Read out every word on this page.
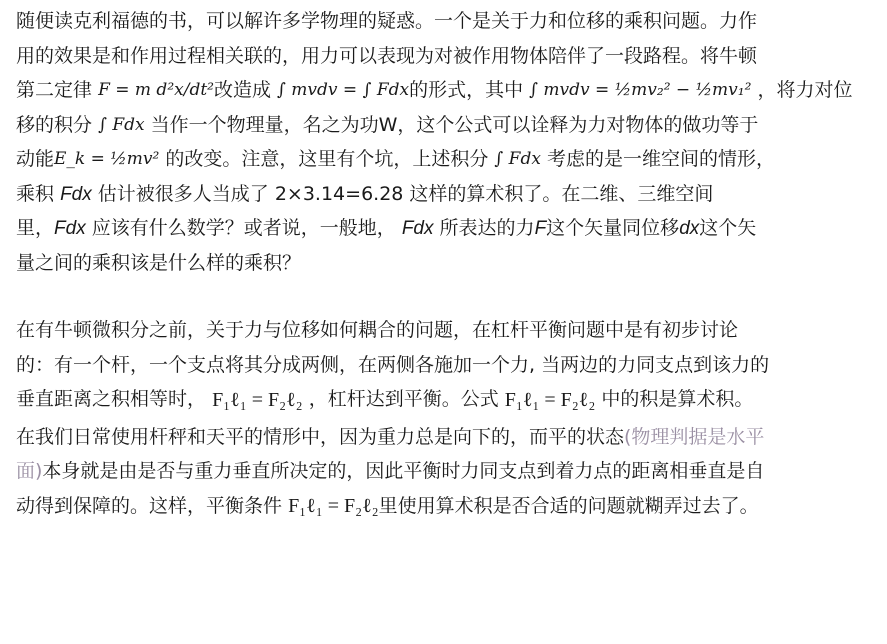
随便读克利福德的书，可以解许多学物理的疑惑。一个是关于力和位移的乘积问题。力作
用的效果是和作用过程相关联的，用力可以表现为对被作用物体陪伴了一段路程。将牛顿
第二定律 F = m d²x/dt²改造成 ∫ mvdv = ∫ Fdx的形式，其中 ∫ mvdv = ½mv₂² − ½mv₁² ，将力对位
移的积分 ∫ Fdx 当作一个物理量，名之为功W，这个公式可以诠释为力对物体的做功等于
动能E_k = ½mv² 的改变。注意，这里有个坑，上述积分 ∫ Fdx 考虑的是一维空间的情形，
乘积 Fdx 估计被很多人当成了 2×3.14=6.28 这样的算术积了。在二维、三维空间
里，Fdx 应该有什么数学？或者说，一般地， Fdx 所表达的力F这个矢量同位移dx这个矢
量之间的乘积该是什么样的乘积？
在有牛顿微积分之前，关于力与位移如何耦合的问题，在杠杆平衡问题中是有初步讨论
的：有一个杆，一个支点将其分成两侧，在两侧各施加一个力, 当两边的力同支点到该力的
垂直距离之积相等时， F₁ℓ₁ = F₂ℓ₂ ，杠杆达到平衡。公式 F₁ℓ₁ = F₂ℓ₂ 中的积是算术积。
在我们日常使用杆秤和天平的情形中，因为重力总是向下的，而平的状态(物理判据是水平
面)本身就是由是否与重力垂直所决定的，因此平衡时力同支点到着力点的距离相垂直是自
动得到保障的。这样，平衡条件 F₁ℓ₁ = F₂ℓ₂里使用算术积是否合适的问题就糊弄过去了。
